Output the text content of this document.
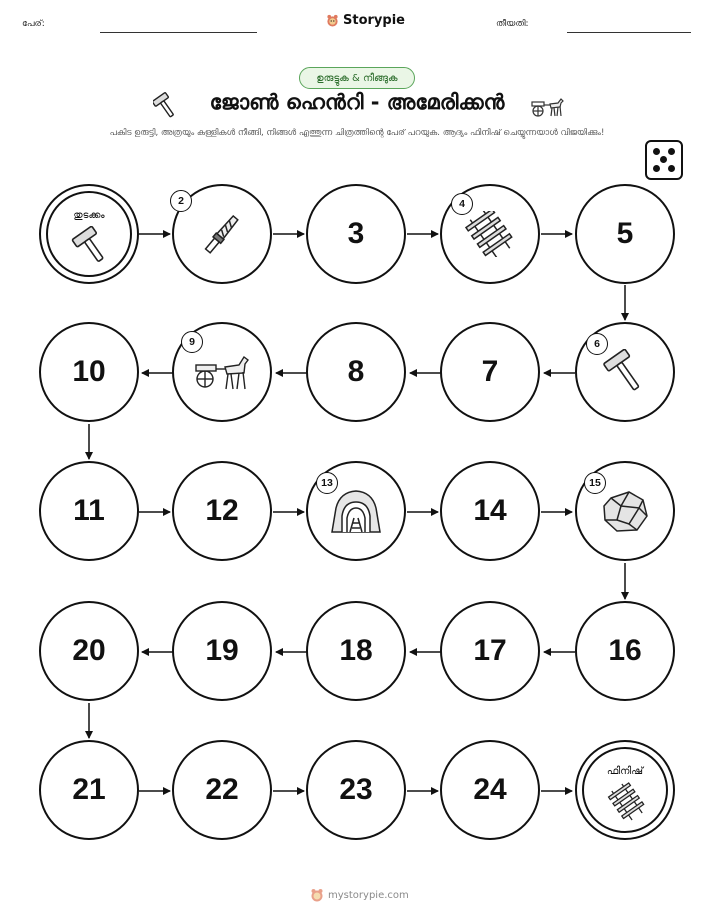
പേര്:	Storypie	തീയതി:
ഉരുട്ടുക & നീങ്ങുക
ജോൺ ഹെൻറി - അമേരിക്കൻ
പകിട ഉരുട്ടി, അത്രയും കള്ളികൾ നീങ്ങി, നിങ്ങൾ എത്തുന്ന ചിത്രത്തിന്റെ പേര് പറയുക. ആദ്യം ഫിനിഷ് ചെയ്യുന്നയാൾ വിജയിക്കും!
തുടക്കം
2
3
4
5
6
7
8
9
10
11	12
13
14
15
16
17
18
19
20
21	22	23	24
ഫിനിഷ്
mystorypie.com
